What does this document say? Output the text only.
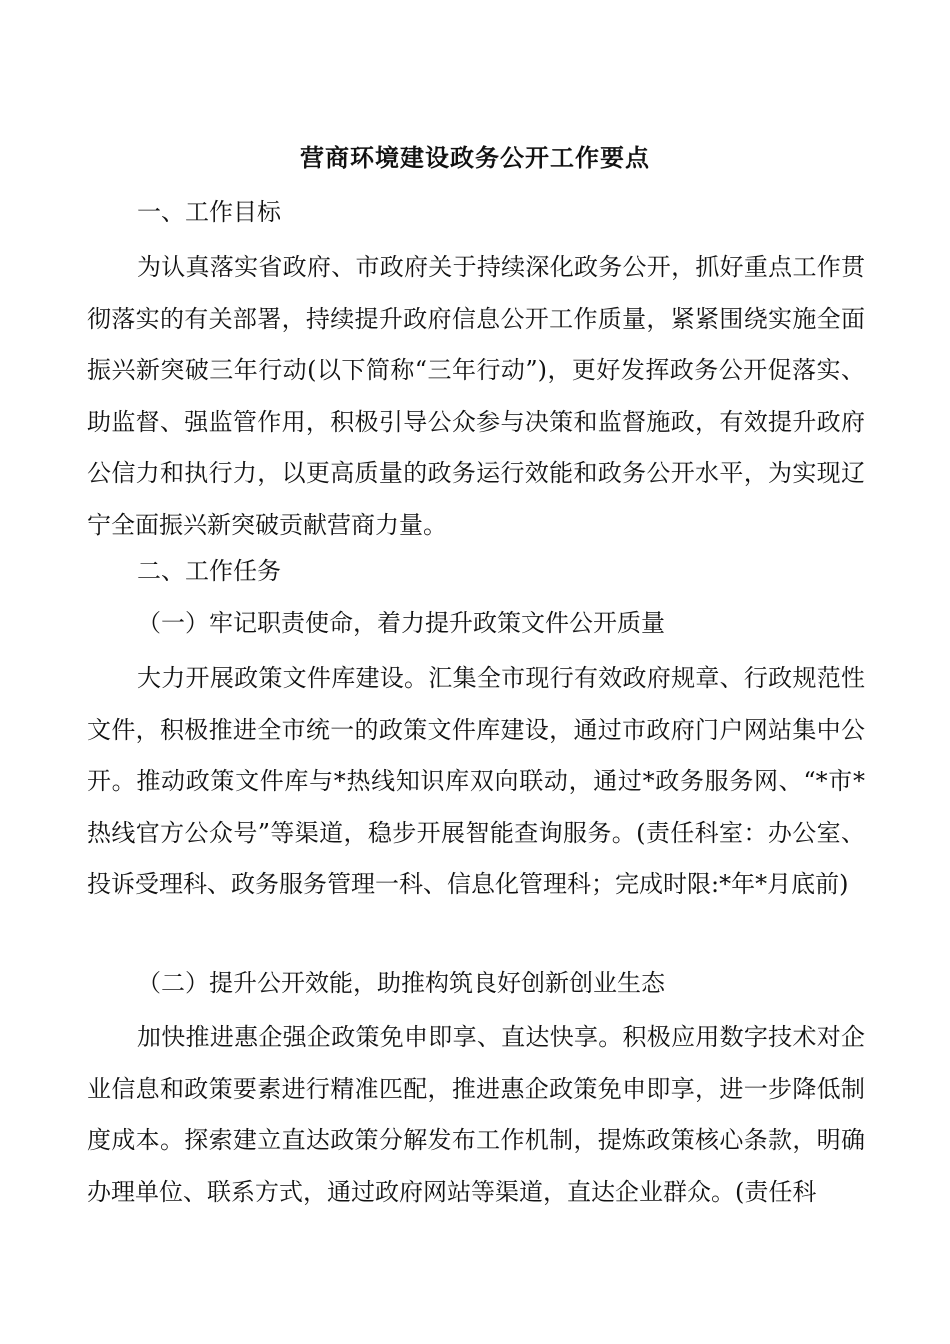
营商环境建设政务公开工作要点
一、工作目标
为认真落实省政府、市政府关于持续深化政务公开，抓好重点工作贯彻落实的有关部署，持续提升政府信息公开工作质量，紧紧围绕实施全面振兴新突破三年行动(以下简称“三年行动”)，更好发挥政务公开促落实、助监督、强监管作用，积极引导公众参与决策和监督施政，有效提升政府公信力和执行力，以更高质量的政务运行效能和政务公开水平，为实现辽宁全面振兴新突破贡献营商力量。
二、工作任务
（一）牢记职责使命，着力提升政策文件公开质量
大力开展政策文件库建设。汇集全市现行有效政府规章、行政规范性文件，积极推进全市统一的政策文件库建设，通过市政府门户网站集中公开。推动政策文件库与*热线知识库双向联动，通过*政务服务网、“*市*热线官方公众号”等渠道，稳步开展智能查询服务。(责任科室：办公室、投诉受理科、政务服务管理一科、信息化管理科；完成时限:*年*月底前)
（二）提升公开效能，助推构筑良好创新创业生态
加快推进惠企强企政策免申即享、直达快享。积极应用数字技术对企业信息和政策要素进行精准匹配，推进惠企政策免申即享，进一步降低制度成本。探索建立直达政策分解发布工作机制，提炼政策核心条款，明确办理单位、联系方式，通过政府网站等渠道，直达企业群众。(责任科
